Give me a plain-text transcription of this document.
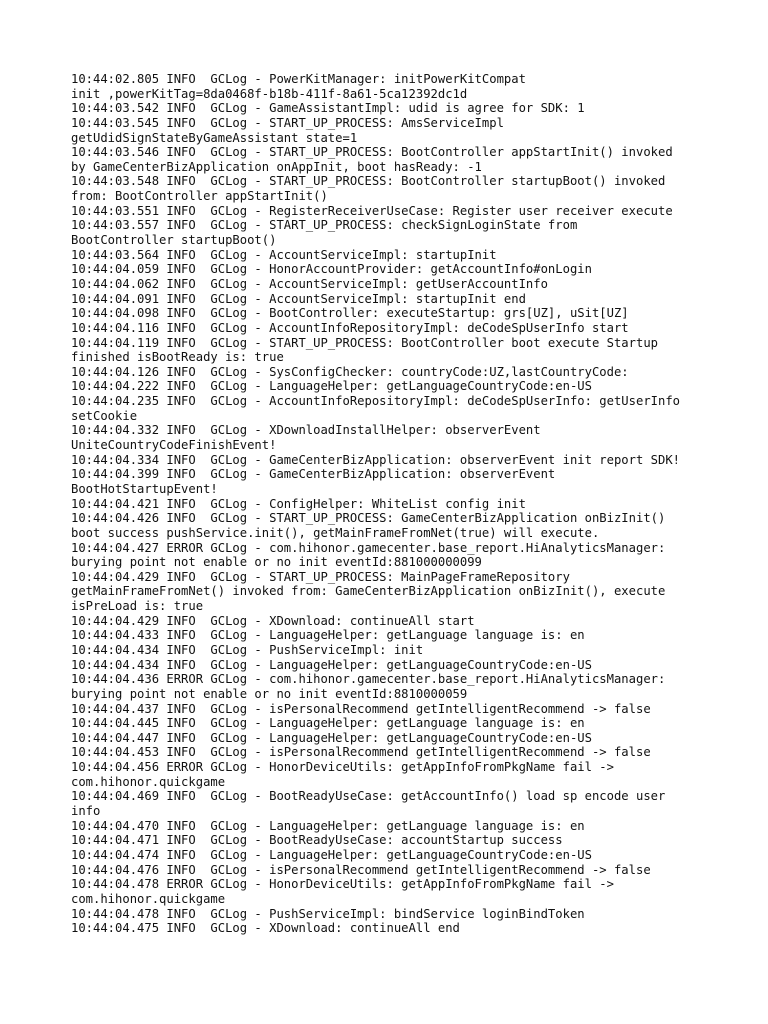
10:44:02.805 INFO  GCLog - PowerKitManager: initPowerKitCompat
init ,powerKitTag=8da0468f-b18b-411f-8a61-5ca12392dc1d
10:44:03.542 INFO  GCLog - GameAssistantImpl: udid is agree for SDK: 1
10:44:03.545 INFO  GCLog - START_UP_PROCESS: AmsServiceImpl
getUdidSignStateByGameAssistant state=1
10:44:03.546 INFO  GCLog - START_UP_PROCESS: BootController appStartInit() invoked
by GameCenterBizApplication onAppInit, boot hasReady: -1
10:44:03.548 INFO  GCLog - START_UP_PROCESS: BootController startupBoot() invoked
from: BootController appStartInit()
10:44:03.551 INFO  GCLog - RegisterReceiverUseCase: Register user receiver execute
10:44:03.557 INFO  GCLog - START_UP_PROCESS: checkSignLoginState from
BootController startupBoot()
10:44:03.564 INFO  GCLog - AccountServiceImpl: startupInit
10:44:04.059 INFO  GCLog - HonorAccountProvider: getAccountInfo#onLogin
10:44:04.062 INFO  GCLog - AccountServiceImpl: getUserAccountInfo
10:44:04.091 INFO  GCLog - AccountServiceImpl: startupInit end
10:44:04.098 INFO  GCLog - BootController: executeStartup: grs[UZ], uSit[UZ]
10:44:04.116 INFO  GCLog - AccountInfoRepositoryImpl: deCodeSpUserInfo start
10:44:04.119 INFO  GCLog - START_UP_PROCESS: BootController boot execute Startup
finished isBootReady is: true
10:44:04.126 INFO  GCLog - SysConfigChecker: countryCode:UZ,lastCountryCode:
10:44:04.222 INFO  GCLog - LanguageHelper: getLanguageCountryCode:en-US
10:44:04.235 INFO  GCLog - AccountInfoRepositoryImpl: deCodeSpUserInfo: getUserInfo
setCookie
10:44:04.332 INFO  GCLog - XDownloadInstallHelper: observerEvent
UniteCountryCodeFinishEvent!
10:44:04.334 INFO  GCLog - GameCenterBizApplication: observerEvent init report SDK!
10:44:04.399 INFO  GCLog - GameCenterBizApplication: observerEvent
BootHotStartupEvent!
10:44:04.421 INFO  GCLog - ConfigHelper: WhiteList config init
10:44:04.426 INFO  GCLog - START_UP_PROCESS: GameCenterBizApplication onBizInit()
boot success pushService.init(), getMainFrameFromNet(true) will execute.
10:44:04.427 ERROR GCLog - com.hihonor.gamecenter.base_report.HiAnalyticsManager:
burying point not enable or no init eventId:881000000099
10:44:04.429 INFO  GCLog - START_UP_PROCESS: MainPageFrameRepository
getMainFrameFromNet() invoked from: GameCenterBizApplication onBizInit(), execute
isPreLoad is: true
10:44:04.429 INFO  GCLog - XDownload: continueAll start
10:44:04.433 INFO  GCLog - LanguageHelper: getLanguage language is: en
10:44:04.434 INFO  GCLog - PushServiceImpl: init
10:44:04.434 INFO  GCLog - LanguageHelper: getLanguageCountryCode:en-US
10:44:04.436 ERROR GCLog - com.hihonor.gamecenter.base_report.HiAnalyticsManager:
burying point not enable or no init eventId:8810000059
10:44:04.437 INFO  GCLog - isPersonalRecommend getIntelligentRecommend -> false
10:44:04.445 INFO  GCLog - LanguageHelper: getLanguage language is: en
10:44:04.447 INFO  GCLog - LanguageHelper: getLanguageCountryCode:en-US
10:44:04.453 INFO  GCLog - isPersonalRecommend getIntelligentRecommend -> false
10:44:04.456 ERROR GCLog - HonorDeviceUtils: getAppInfoFromPkgName fail ->
com.hihonor.quickgame
10:44:04.469 INFO  GCLog - BootReadyUseCase: getAccountInfo() load sp encode user
info
10:44:04.470 INFO  GCLog - LanguageHelper: getLanguage language is: en
10:44:04.471 INFO  GCLog - BootReadyUseCase: accountStartup success
10:44:04.474 INFO  GCLog - LanguageHelper: getLanguageCountryCode:en-US
10:44:04.476 INFO  GCLog - isPersonalRecommend getIntelligentRecommend -> false
10:44:04.478 ERROR GCLog - HonorDeviceUtils: getAppInfoFromPkgName fail ->
com.hihonor.quickgame
10:44:04.478 INFO  GCLog - PushServiceImpl: bindService loginBindToken
10:44:04.475 INFO  GCLog - XDownload: continueAll end
